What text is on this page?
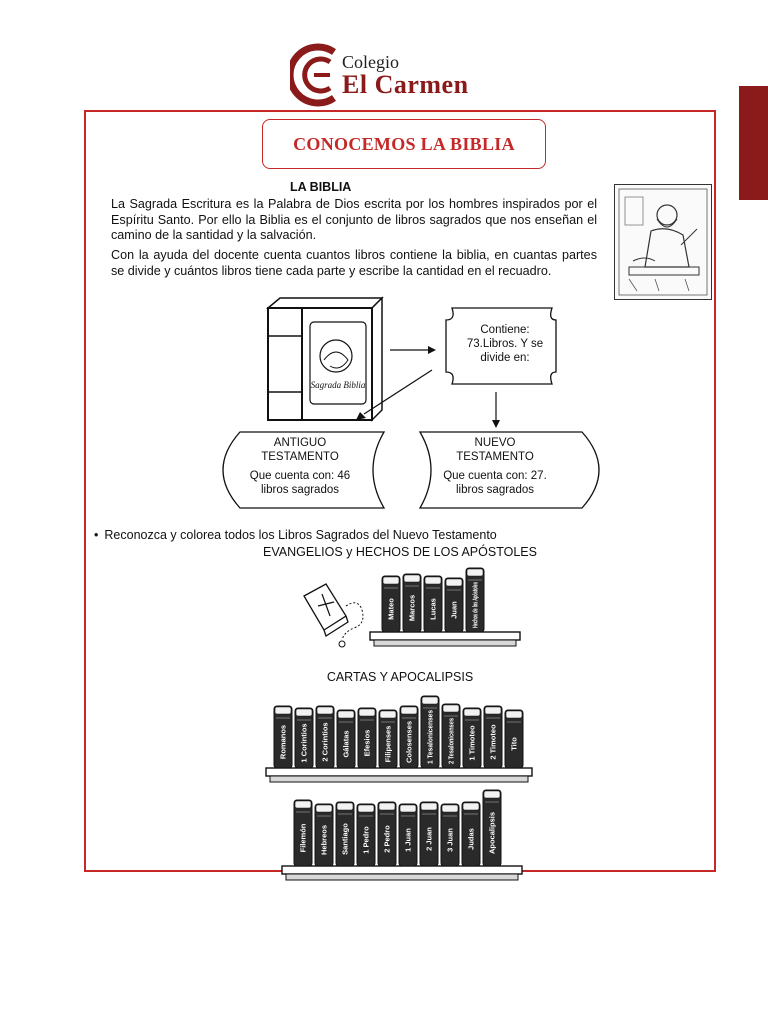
Colegio
El Carmen
CONOCEMOS LA BIBLIA
LA BIBLIA
La Sagrada Escritura es la Palabra de Dios escrita por los hombres inspirados por el Espíritu Santo. Por ello la Biblia es el conjunto de libros sagrados que nos enseñan el camino de la santidad y la salvación.
Con la ayuda del docente cuenta cuantos libros contiene la biblia, en cuantas partes se divide y cuántos libros tiene cada parte y escribe la cantidad en el recuadro.
Sagrada Biblia
Contiene:
73.Libros. Y se
divide en:
ANTIGUO
TESTAMENTO
Que cuenta con: 46
libros sagrados
NUEVO
TESTAMENTO
Que cuenta con: 27.
libros sagrados
• Reconozca y colorea todos los Libros Sagrados del Nuevo Testamento
EVANGELIOS y HECHOS DE LOS APÓSTOLES
CARTAS Y APOCALIPSIS
Mateo Marcos Lucas Juan Hechos de los Apóstoles
Romanos 1 Corintios 2 Corintios Gálatas Efesios Filipenses Colosenses 1 Tesalonicenses 2 Tesalonicenses 1 Timoteo 2 Timoteo Tito
Filemón Hebreos Santiago 1 Pedro 2 Pedro 1 Juan 2 Juan 3 Juan Judas Apocalipsis
